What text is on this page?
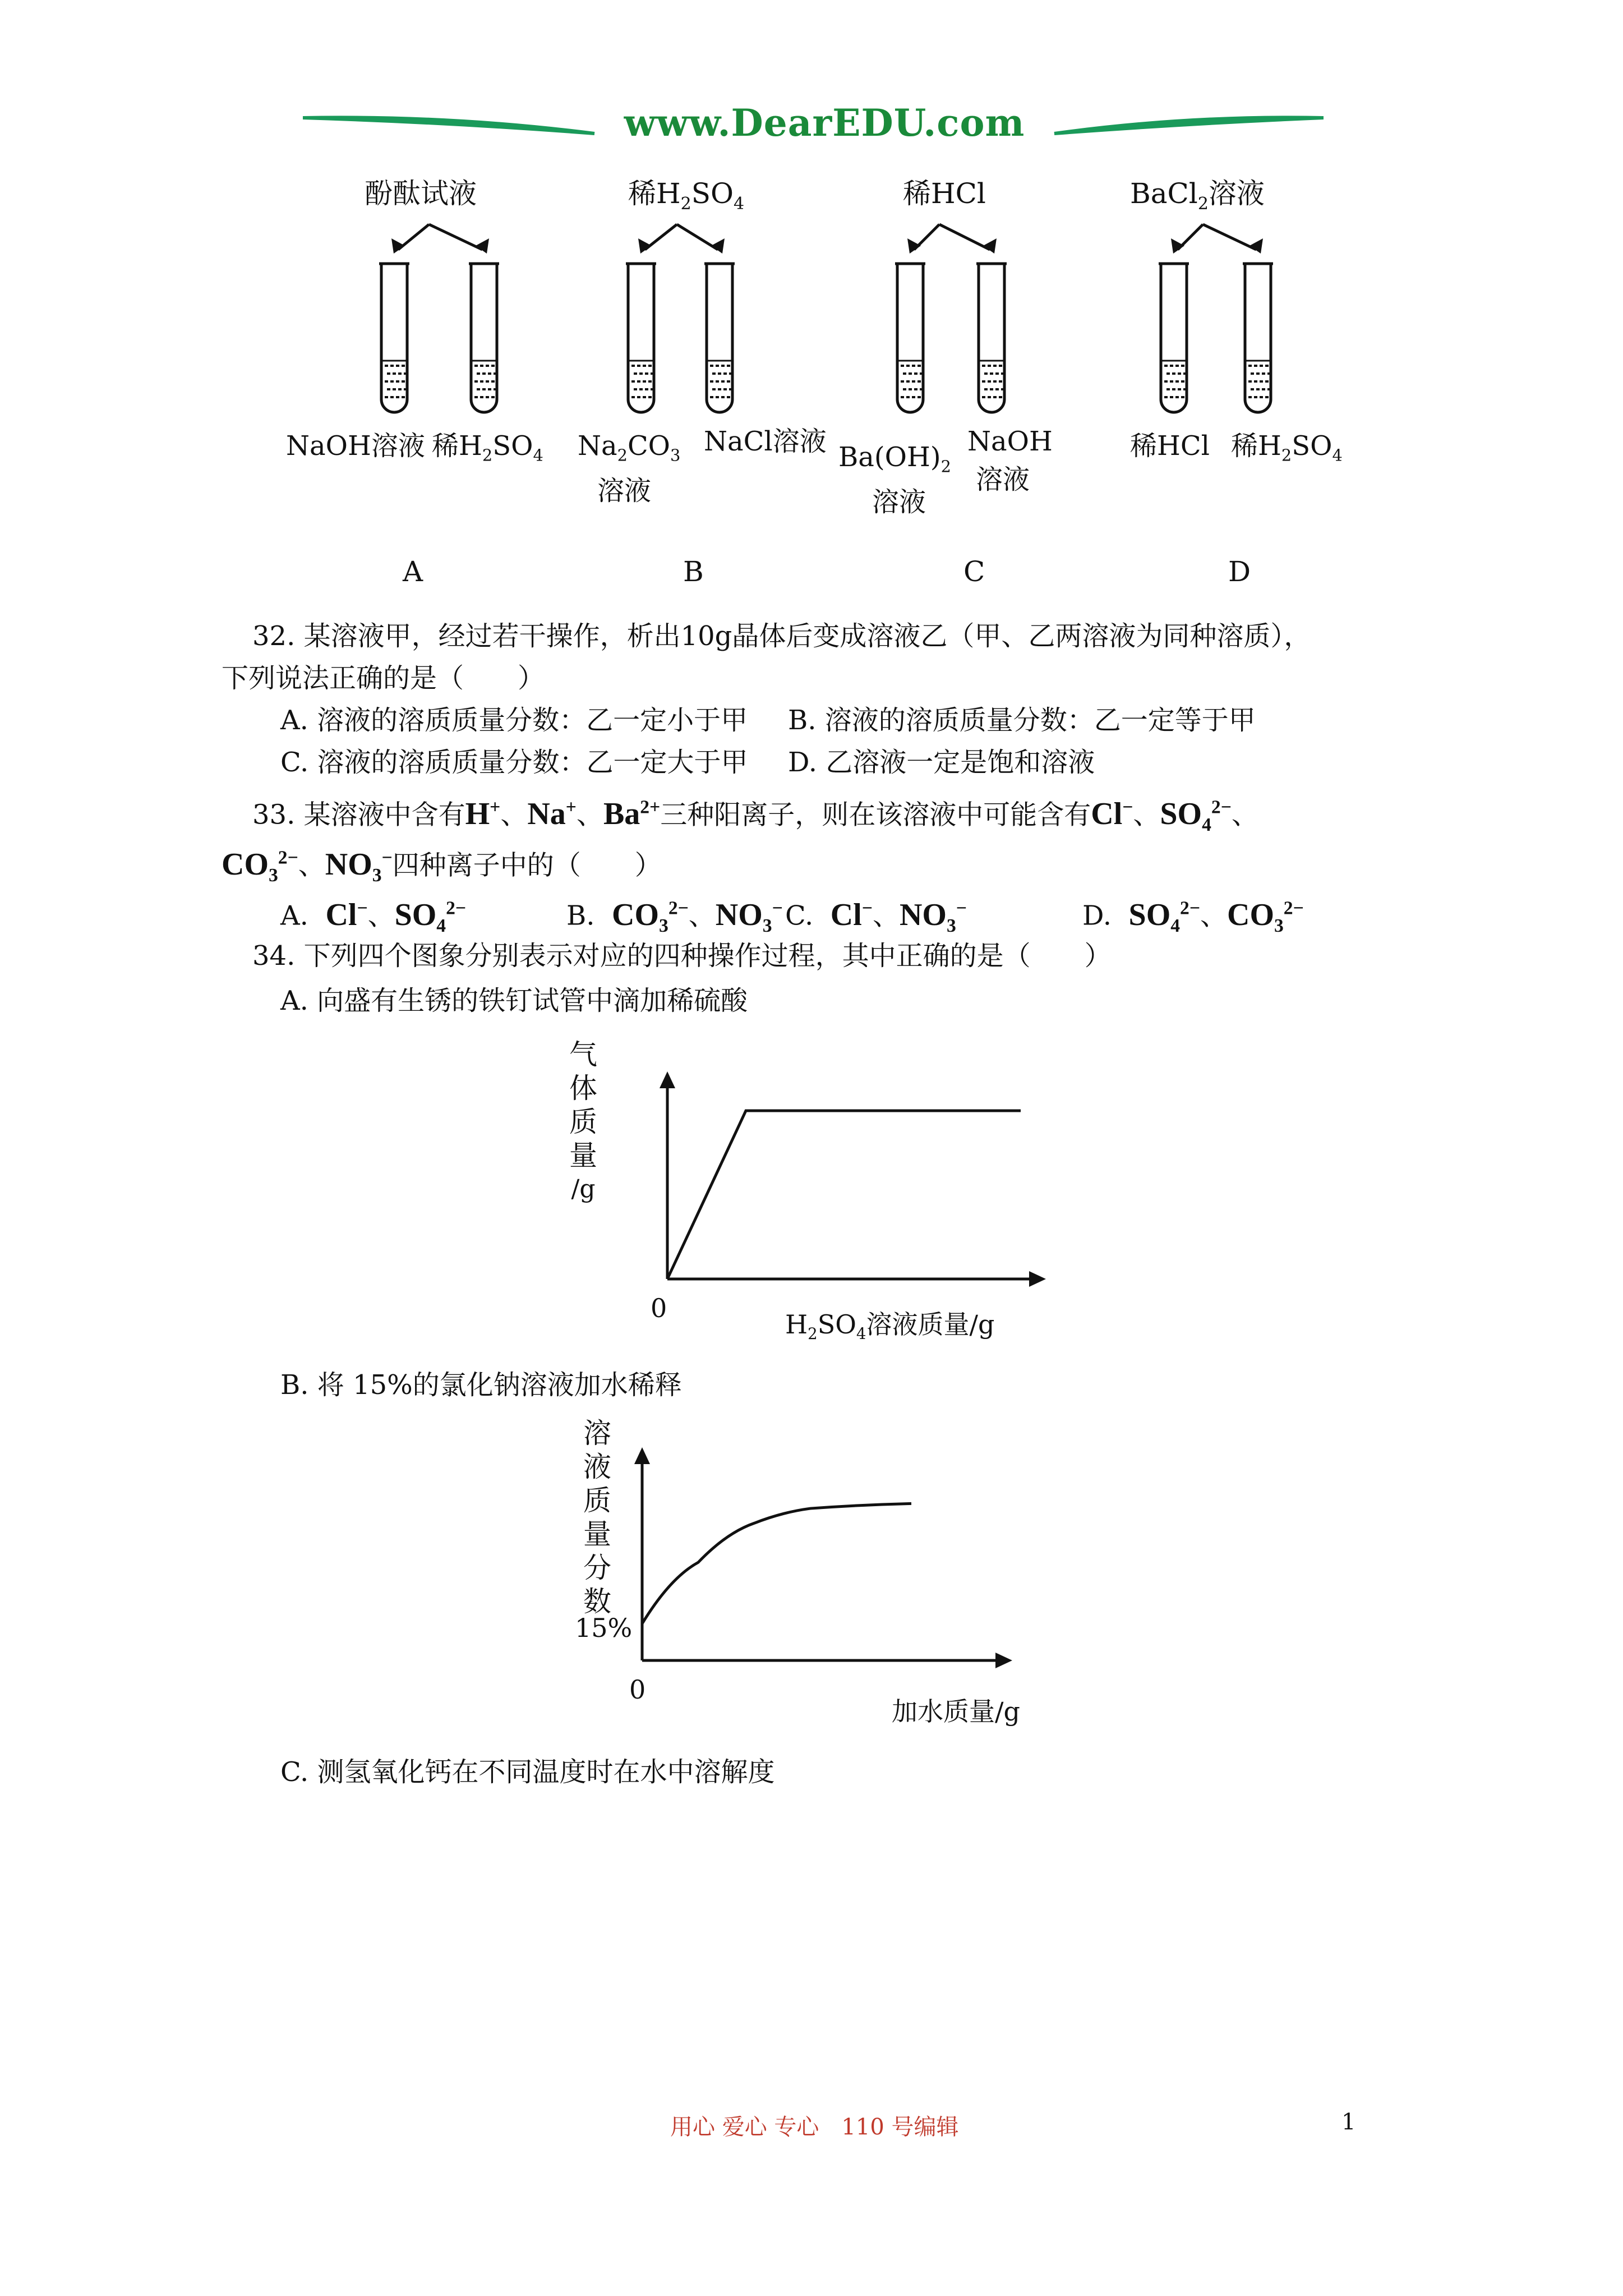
www.DearEDU.com
酚酞试液
NaOH溶液 稀$H_2SO_4$
稀$H_2SO_4$
$Na_2CO_3$
溶液
NaCl溶液
稀HCl
$Ba(OH)_2$
溶液
NaOH
溶液
BaCl$_2$溶液
稀HCl 稀$H_2SO_4$
A	B	C	D
32. 某溶液甲，经过若干操作，析出10g晶体后变成溶液乙（甲、乙两溶液为同种溶质），
下列说法正确的是（　　）
A. 溶液的溶质质量分数：乙一定小于甲 B. 溶液的溶质质量分数：乙一定等于甲
C. 溶液的溶质质量分数：乙一定大于甲 D. 乙溶液一定是饱和溶液
33. 某溶液中含有H+、Na+、$Ba^{2+}$三种阳离子，则在该溶液中可能含有Cl−、$SO_4^{2-}$、
$CO_3^{2-}$、$NO_3^-$四种离子中的（　　）
A. Cl−、$SO_4^{2-}$	B. $CO_3^{2-}$、$NO_3^-$ C. Cl−、$NO_3^-$	D. $SO_4^{2-}$、$CO_3^{2-}$
34. 下列四个图象分别表示对应的四种操作过程，其中正确的是（　　）
A. 向盛有生锈的铁钉试管中滴加稀硫酸
气
体
质
量
/g
0
$H_2SO_4$溶液质量/g
B. 将 15%的氯化钠溶液加水稀释
溶
液
质
量
分
数
15%
0
加水质量/g
C. 测氢氧化钙在不同温度时在水中溶解度
用心 爱心 专心　110 号编辑	1
